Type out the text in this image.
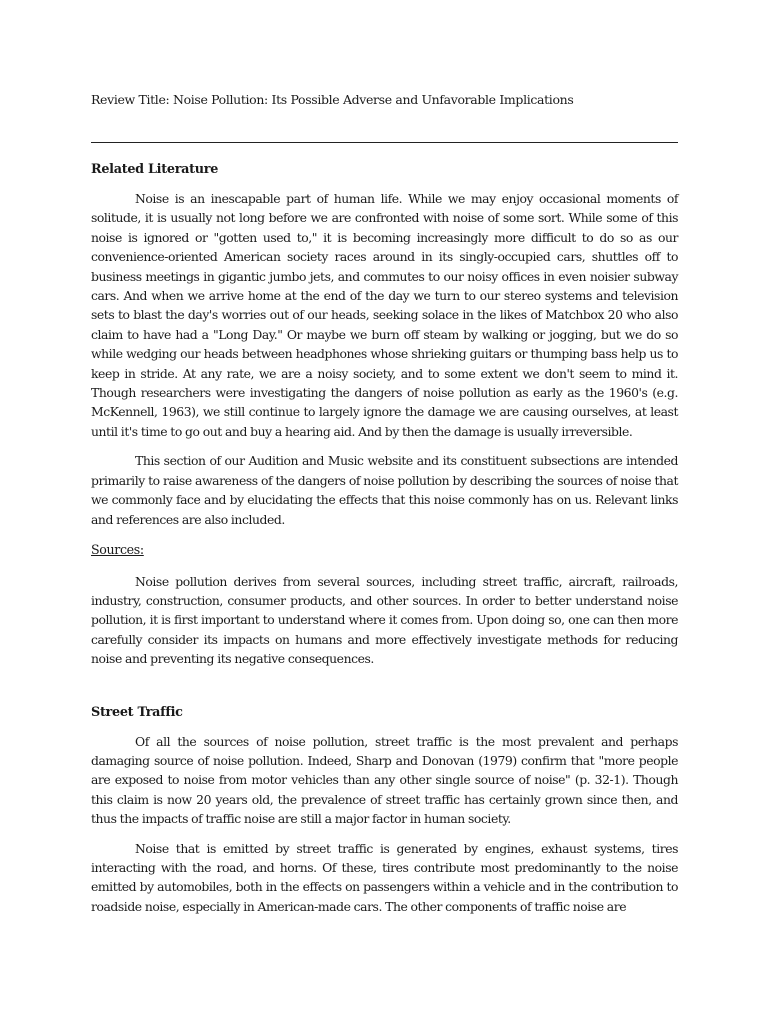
Review Title: Noise Pollution: Its Possible Adverse and Unfavorable Implications

Related Literature

Noise is an inescapable part of human life. While we may enjoy occasional moments of solitude, it is usually not long before we are confronted with noise of some sort. While some of this noise is ignored or "gotten used to," it is becoming increasingly more difficult to do so as our convenience-oriented American society races around in its singly-occupied cars, shuttles off to business meetings in gigantic jumbo jets, and commutes to our noisy offices in even noisier subway cars. And when we arrive home at the end of the day we turn to our stereo systems and television sets to blast the day's worries out of our heads, seeking solace in the likes of Matchbox 20 who also claim to have had a "Long Day." Or maybe we burn off steam by walking or jogging, but we do so while wedging our heads between headphones whose shrieking guitars or thumping bass help us to keep in stride. At any rate, we are a noisy society, and to some extent we don't seem to mind it. Though researchers were investigating the dangers of noise pollution as early as the 1960's (e.g. McKennell, 1963), we still continue to largely ignore the damage we are causing ourselves, at least until it's time to go out and buy a hearing aid. And by then the damage is usually irreversible.

This section of our Audition and Music website and its constituent subsections are intended primarily to raise awareness of the dangers of noise pollution by describing the sources of noise that we commonly face and by elucidating the effects that this noise commonly has on us. Relevant links and references are also included.

Sources:

Noise pollution derives from several sources, including street traffic, aircraft, railroads, industry, construction, consumer products, and other sources. In order to better understand noise pollution, it is first important to understand where it comes from. Upon doing so, one can then more carefully consider its impacts on humans and more effectively investigate methods for reducing noise and preventing its negative consequences.

Street Traffic

Of all the sources of noise pollution, street traffic is the most prevalent and perhaps damaging source of noise pollution. Indeed, Sharp and Donovan (1979) confirm that "more people are exposed to noise from motor vehicles than any other single source of noise" (p. 32-1). Though this claim is now 20 years old, the prevalence of street traffic has certainly grown since then, and thus the impacts of traffic noise are still a major factor in human society.

Noise that is emitted by street traffic is generated by engines, exhaust systems, tires interacting with the road, and horns. Of these, tires contribute most predominantly to the noise emitted by automobiles, both in the effects on passengers within a vehicle and in the contribution to roadside noise, especially in American-made cars. The other components of traffic noise are
